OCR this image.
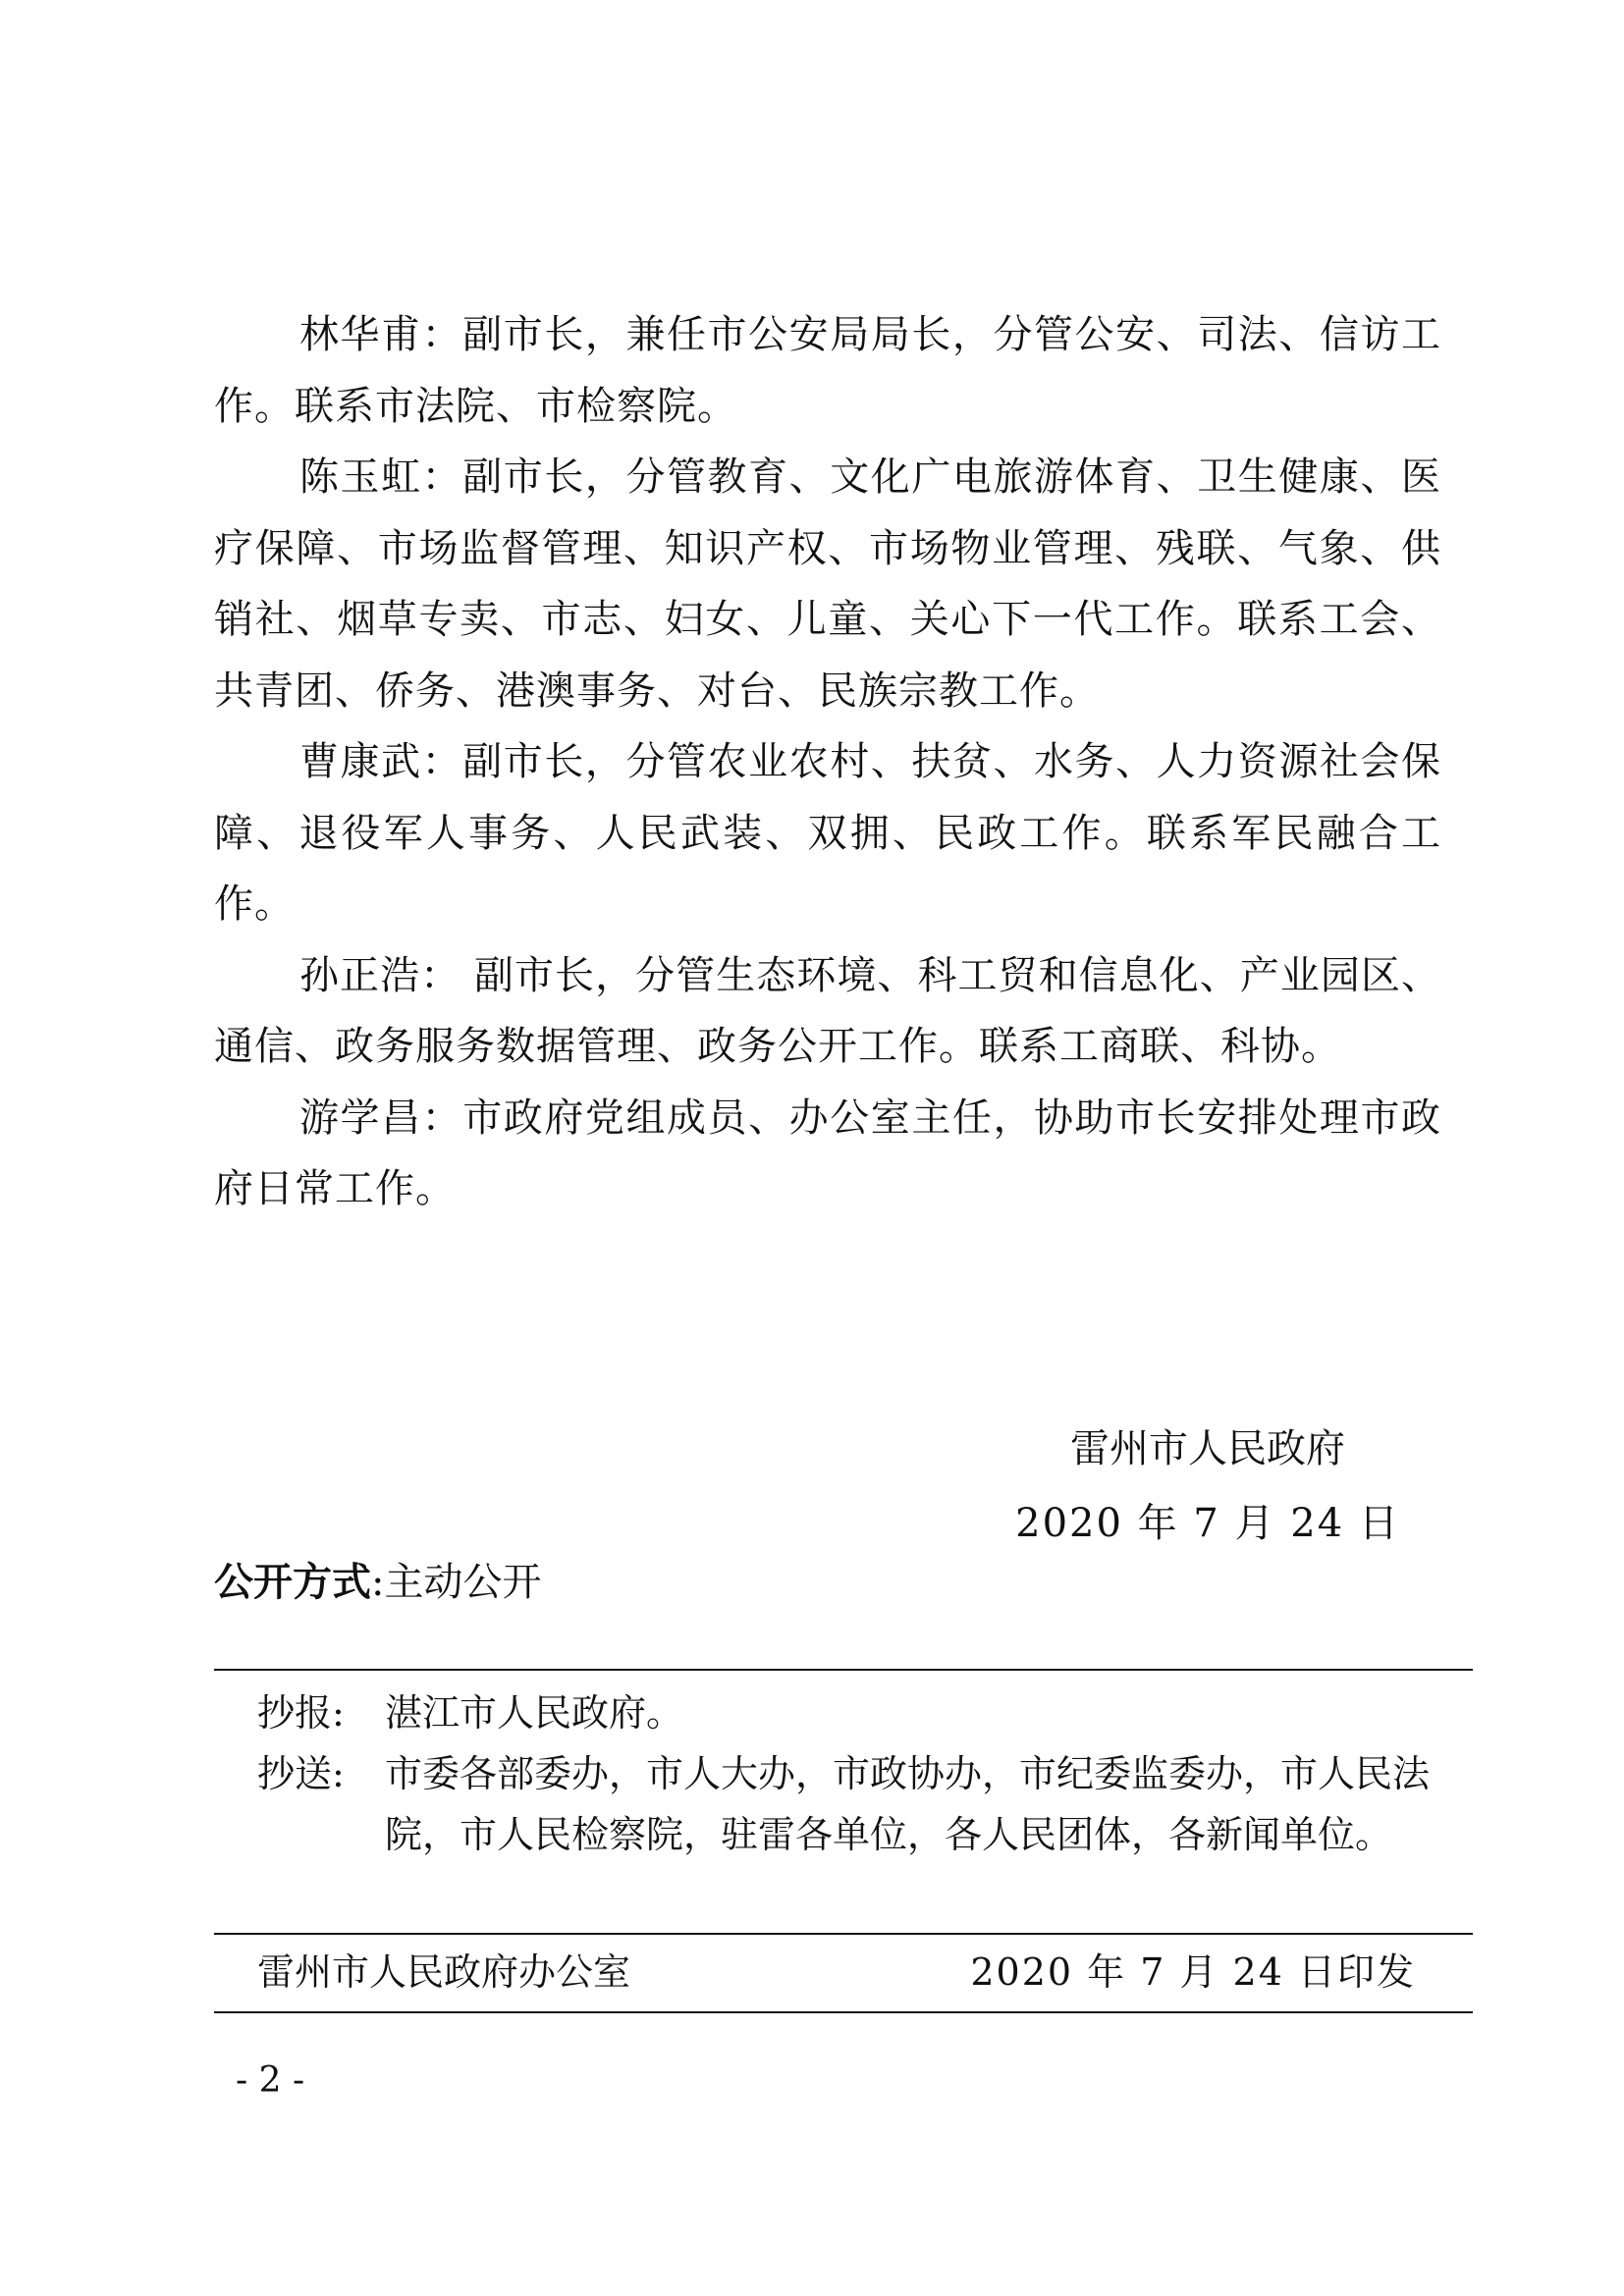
林华甫：副市长，兼任市公安局局长，分管公安、司法、信访工作。联系市法院、市检察院。

陈玉虹：副市长，分管教育、文化广电旅游体育、卫生健康、医疗保障、市场监督管理、知识产权、市场物业管理、残联、气象、供销社、烟草专卖、市志、妇女、儿童、关心下一代工作。联系工会、共青团、侨务、港澳事务、对台、民族宗教工作。

曹康武：副市长，分管农业农村、扶贫、水务、人力资源社会保障、退役军人事务、人民武装、双拥、民政工作。联系军民融合工作。

孙正浩： 副市长，分管生态环境、科工贸和信息化、产业园区、通信、政务服务数据管理、政务公开工作。联系工商联、科协。

游学昌：市政府党组成员、办公室主任，协助市长安排处理市政府日常工作。

雷州市人民政府
2020 年 7 月 24 日
公开方式:主动公开
抄报:	湛江市人民政府。
抄送:	市委各部委办，市人大办，市政协办，市纪委监委办，市人民法院，市人民检察院，驻雷各单位，各人民团体，各新闻单位。
雷州市人民政府办公室	2020 年 7 月 24 日印发
- 2 -
